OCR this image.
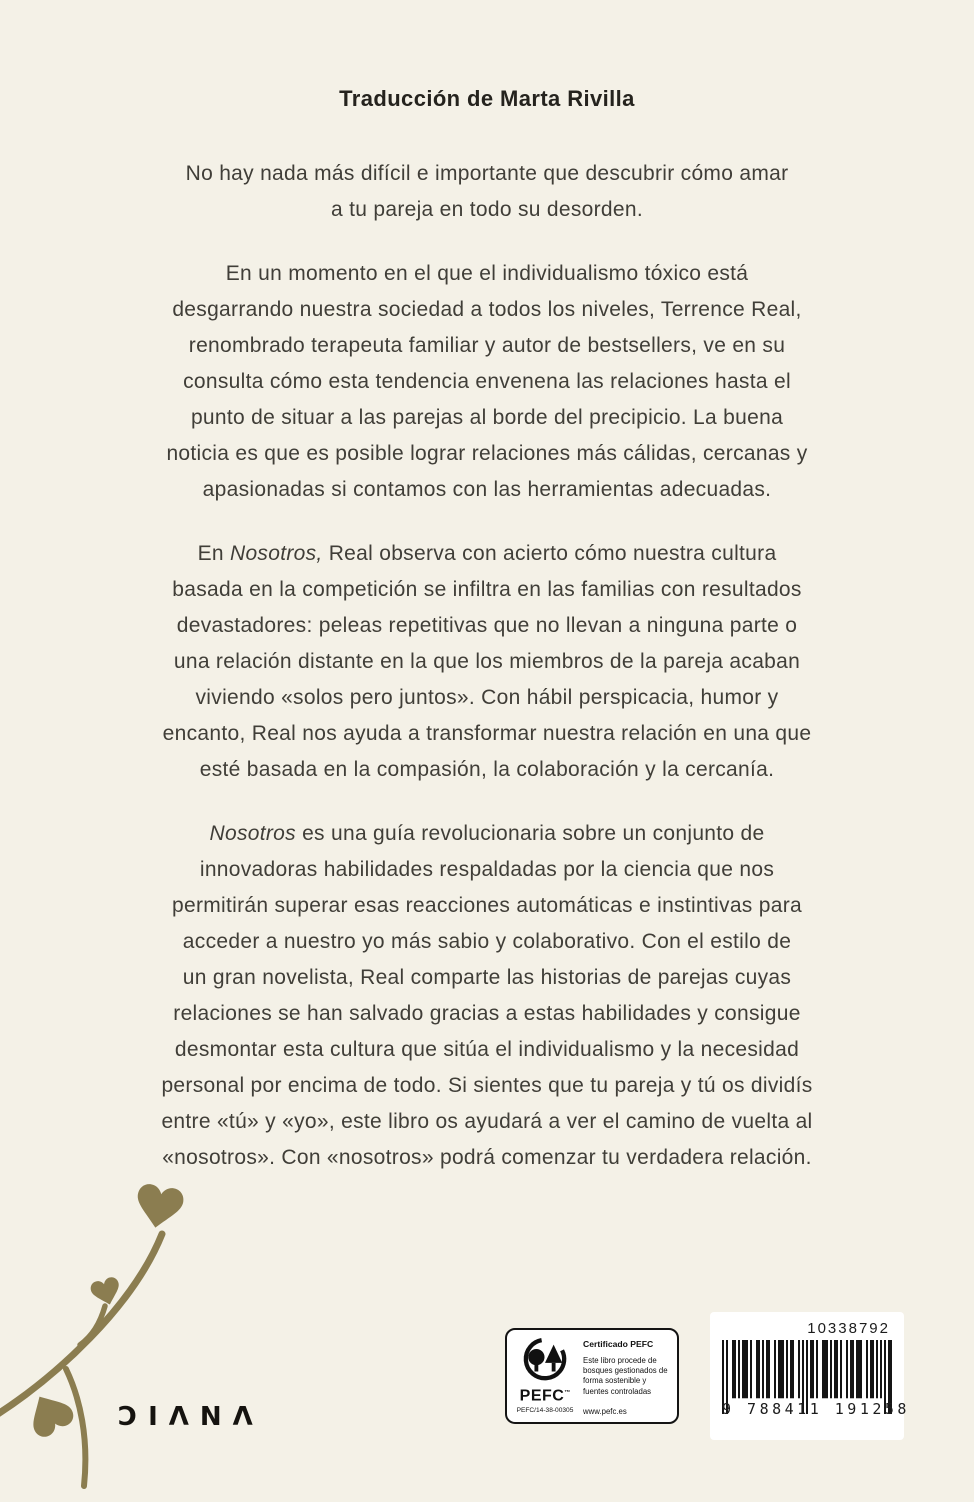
Traducción de Marta Rivilla
No hay nada más difícil e importante que descubrir cómo amar
a tu pareja en todo su desorden.
En un momento en el que el individualismo tóxico está
desgarrando nuestra sociedad a todos los niveles, Terrence Real,
renombrado terapeuta familiar y autor de bestsellers, ve en su
consulta cómo esta tendencia envenena las relaciones hasta el
punto de situar a las parejas al borde del precipicio. La buena
noticia es que es posible lograr relaciones más cálidas, cercanas y
apasionadas si contamos con las herramientas adecuadas.
En Nosotros, Real observa con acierto cómo nuestra cultura
basada en la competición se infiltra en las familias con resultados
devastadores: peleas repetitivas que no llevan a ninguna parte o
una relación distante en la que los miembros de la pareja acaban
viviendo «solos pero juntos». Con hábil perspicacia, humor y
encanto, Real nos ayuda a transformar nuestra relación en una que
esté basada en la compasión, la colaboración y la cercanía.
Nosotros es una guía revolucionaria sobre un conjunto de
innovadoras habilidades respaldadas por la ciencia que nos
permitirán superar esas reacciones automáticas e instintivas para
acceder a nuestro yo más sabio y colaborativo. Con el estilo de
un gran novelista, Real comparte las historias de parejas cuyas
relaciones se han salvado gracias a estas habilidades y consigue
desmontar esta cultura que sitúa el individualismo y la necesidad
personal por encima de todo. Si sientes que tu pareja y tú os dividís
entre «tú» y «yo», este libro os ayudará a ver el camino de vuelta al
«nosotros». Con «nosotros» podrá comenzar tu verdadera relación.
ƆIΛNΛ
PEFC™
PEFC/14-38-00305
Certificado PEFC
Este libro procede de bosques gestionados de forma sostenible y fuentes controladas
www.pefc.es
10338792
9 788411 191258
